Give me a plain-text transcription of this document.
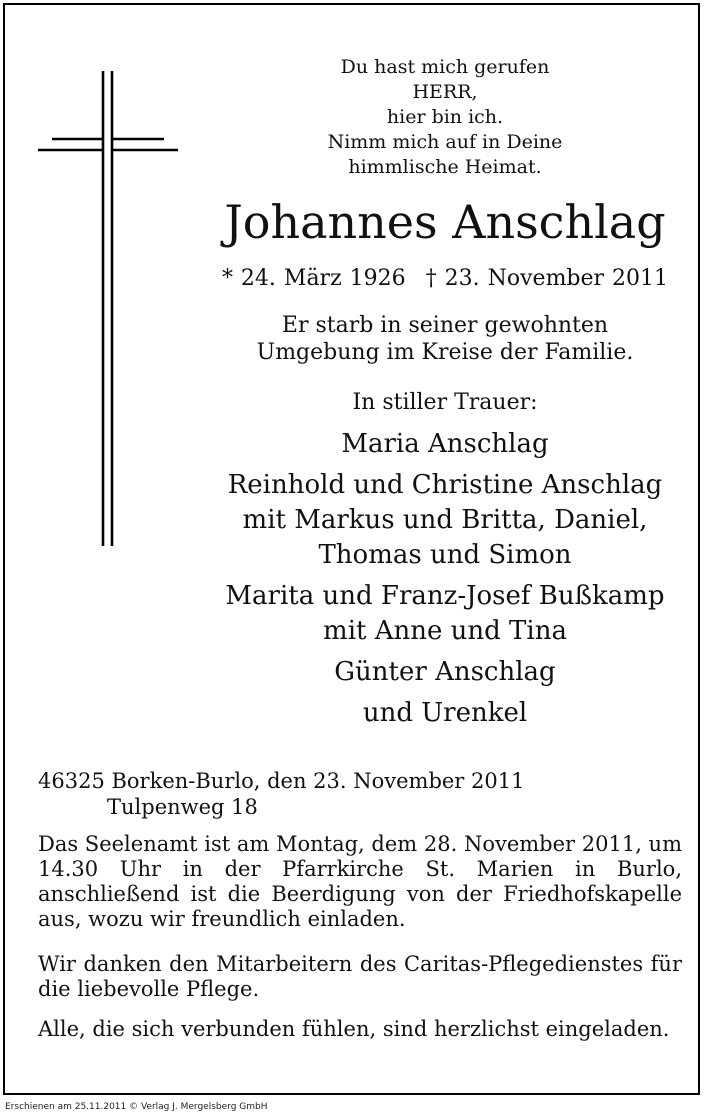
Du hast mich gerufen
HERR,
hier bin ich.
Nimm mich auf in Deine
himmlische Heimat.
Johannes Anschlag
* 24. März 1926 † 23. November 2011
Er starb in seiner gewohnten
Umgebung im Kreise der Familie.
In stiller Trauer:
Maria Anschlag
Reinhold und Christine Anschlag
mit Markus und Britta, Daniel,
Thomas und Simon
Marita und Franz-Josef Bußkamp
mit Anne und Tina
Günter Anschlag
und Urenkel
46325 Borken-Burlo, den 23. November 2011
Tulpenweg 18
Das Seelenamt ist am Montag, dem 28. November 2011, um 14.30 Uhr in der Pfarrkirche St. Marien in Burlo, anschließend ist die Beerdigung von der Friedhofskapelle aus, wozu wir freundlich einladen.
Wir danken den Mitarbeitern des Caritas-Pflegedienstes für die liebevolle Pflege.
Alle, die sich verbunden fühlen, sind herzlichst eingeladen.
Erschienen am 25.11.2011 © Verlag J. Mergelsberg GmbH
